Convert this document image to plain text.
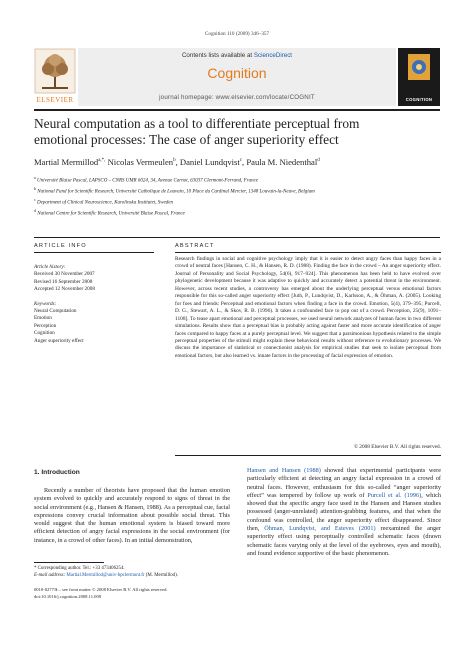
Cognition 110 (2009) 346–357
ELSEVIER
Contents lists available at ScienceDirect
Cognition
journal homepage: www.elsevier.com/locate/COGNIT	COGNITION
Neural computation as a tool to differentiate perceptual from
emotional processes: The case of anger superiority effect
Martial Mermillod$^{a,*,}$ Nicolas Vermeulen$^b$, Daniel Lundqvist$^c$, Paula M. Niedenthal$^d$
$^a$ Université Blaise Pascal, LAPSCO – CNRS UMR 6024, 34, Avenue Carnot, 63037 Clermont-Ferrand, France
$^b$ National Fund for Scientific Research, Université Catholique de Louvain, 10 Place du Cardinal Mercier, 1348 Louvain-la-Neuve, Belgium
$^c$ Department of Clinical Neuroscience, Karolinska Institutet, Sweden
$^d$ National Centre for Scientific Research, Université Blaise Pascal, France
ARTICLE INFO	ABSTRACT
Article history:
Received 30 November 2007
Revised 16 September 2008
Accepted 12 November 2008
Keywords:
Neural Computation
Emotion
Perception
Cognition
Anger superiority effect
Research findings in social and cognitive psychology imply that it is easier to detect angry faces than happy faces in a crowd of neutral faces [Hansen, C. H., & Hansen, R. D. (1988). Finding the face in the crowd – An anger superiority effect. Journal of Personality and Social Psychology, 54(6), 917–924]. This phenomenon has been held to have evolved over phylogenetic development because it was adaptive to quickly and accurately detect a potential threat in the environment. However, across recent studies, a controversy has emerged about the underlying perceptual versus emotional factors responsible for this so-called anger superiority effect [Juth, P., Lundqvist, D., Karlsson, A., & Öhman, A. (2005). Looking for foes and friends: Perceptual and emotional factors when finding a face in the crowd. Emotion, 5(4), 379–395; Purcell, D. G., Stewart, A. L., & Skov, R. B. (1996). It takes a confounded face to pop out of a crowd. Perception, 25(9), 1091–1108]. To tease apart emotional and perceptual processes, we used neural network analyzes of human faces in two different simulations. Results show that a perceptual bias is probably acting against faster and more accurate identification of anger faces compared to happy faces at a purely perceptual level. We suggest that a parsimonious hypothesis related to the simple perceptual properties of the stimuli might explain these behavioral results without reference to evolutionary processes. We discuss the importance of statistical or connectionist analysis for empirical studies that seek to isolate perceptual from emotional factors, but also learned vs. innate factors in the processing of facial expression of emotion.
© 2008 Elsevier B.V. All rights reserved.
1. Introduction
Recently a number of theorists have proposed that the human emotion system evolved to quickly and accurately respond to signs of threat in the social environment (e.g., Hansen & Hansen, 1988). As a perceptual cue, facial expressions convey crucial information about possible social threat. This would suggest that the human emotional system is biased toward more efficient detection of angry facial expressions in the social environment (for instance, in a crowd of other faces). In an initial demonstration,
Hansen and Hansen (1988) showed that experimental participants were particularly efficient at detecting an angry facial expression in a crowd of neutral faces. However, enthusiasm for this so-called “anger superiority effect” was tempered by follow up work of Purcell et al. (1996), which showed that the specific angry face used in the Hansen and Hansen studies possessed (anger-unrelated) attention-grabbing features, and that when the confound was controlled, the anger superiority effect disappeared. Since then, Öhman, Lundqvist, and Esteves (2001) reexamined the anger superiority effect using perceptually controlled schematic faces (drawn schematic faces varying only at the level of the eyebrows, eyes and mouth), and found evidence supportive of the basic phenomenon.
* Corresponding author. Tel.: +33 473406254.
E-mail address: Martial.Mermillod@univ-bpclermont.fr (M. Mermillod).
0010-0277/$ – see front matter © 2008 Elsevier B.V. All rights reserved.
doi:10.1016/j.cognition.2008.11.009
